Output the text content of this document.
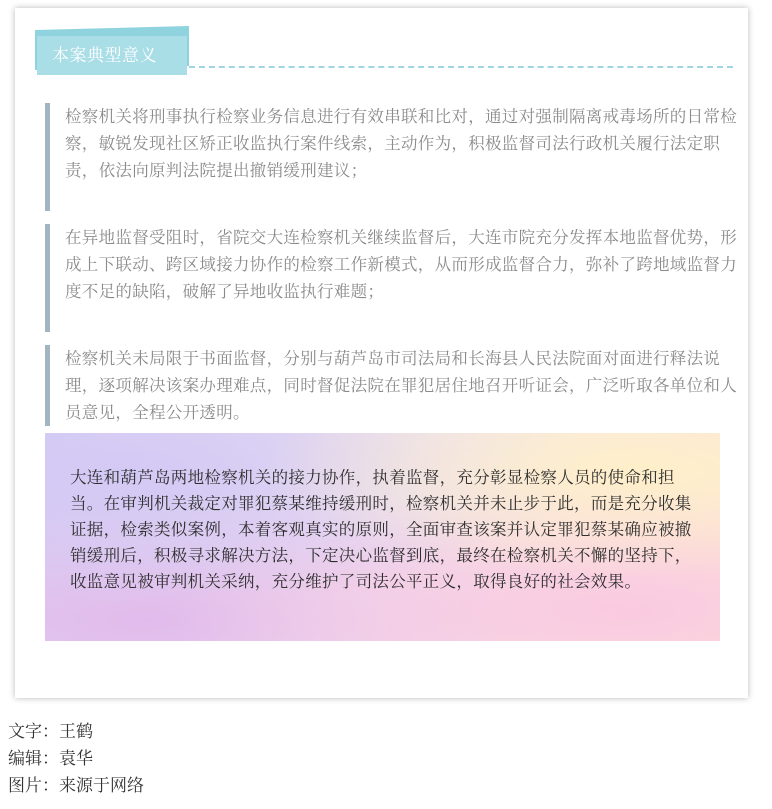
本案典型意义
检察机关将刑事执行检察业务信息进行有效串联和比对，通过对强制隔离戒毒场所的日常检察，敏锐发现社区矫正收监执行案件线索，主动作为，积极监督司法行政机关履行法定职责，依法向原判法院提出撤销缓刑建议；
在异地监督受阻时，省院交大连检察机关继续监督后，大连市院充分发挥本地监督优势，形成上下联动、跨区域接力协作的检察工作新模式，从而形成监督合力，弥补了跨地域监督力度不足的缺陷，破解了异地收监执行难题；
检察机关未局限于书面监督，分别与葫芦岛市司法局和长海县人民法院面对面进行释法说理，逐项解决该案办理难点，同时督促法院在罪犯居住地召开听证会，广泛听取各单位和人员意见，全程公开透明。
大连和葫芦岛两地检察机关的接力协作，执着监督，充分彰显检察人员的使命和担当。在审判机关裁定对罪犯蔡某维持缓刑时，检察机关并未止步于此，而是充分收集证据，检索类似案例，本着客观真实的原则，全面审查该案并认定罪犯蔡某确应被撤销缓刑后，积极寻求解决方法，下定决心监督到底，最终在检察机关不懈的坚持下，收监意见被审判机关采纳，充分维护了司法公平正义，取得良好的社会效果。
文字：王鹤
编辑：袁华
图片：来源于网络
